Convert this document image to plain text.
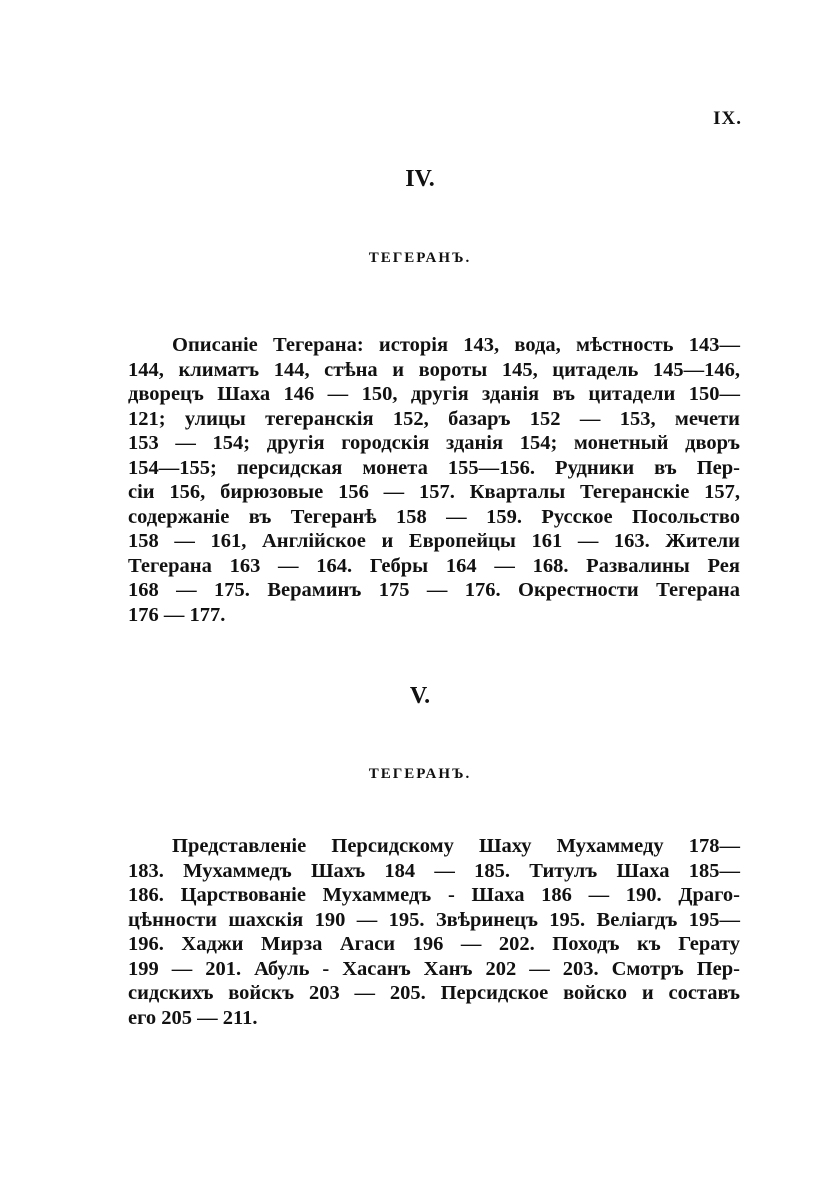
IX.
IV.
ТЕГЕРАНЪ.
Описаніе Тегерана: исторія 143, вода, мѣстность 143—
144, климатъ 144, стѣна и вороты 145, цитадель 145—146,
дворецъ Шаха 146 — 150, другія зданія въ цитадели 150—
121; улицы тегеранскія 152, базаръ 152 — 153, мечети
153 — 154; другія городскія зданія 154; монетный дворъ
154—155; персидская монета 155—156. Рудники въ Пер-
сіи 156, бирюзовые 156 — 157. Кварталы Тегеранскіе 157,
содержаніе въ Тегеранѣ 158 — 159. Русское Посольство
158 — 161, Англійское и Европейцы 161 — 163. Жители
Тегерана 163 — 164. Гебры 164 — 168. Развалины Рея
168 — 175. Вераминъ 175 — 176. Окрестности Тегерана
176 — 177.
V.
ТЕГЕРАНЪ.
Представленіе Персидскому Шаху Мухаммеду 178—
183. Мухаммедъ Шахъ 184 — 185. Титулъ Шаха 185—
186. Царствованіе Мухаммедъ - Шаха 186 — 190. Драго-
цѣнности шахскія 190 — 195. Звѣринецъ 195. Веліагдъ 195—
196. Хаджи Мирза Агаси 196 — 202. Походъ къ Герату
199 — 201. Абуль - Хасанъ Ханъ 202 — 203. Смотръ Пер-
сидскихъ войскъ 203 — 205. Персидское войско и составъ
его 205 — 211.
